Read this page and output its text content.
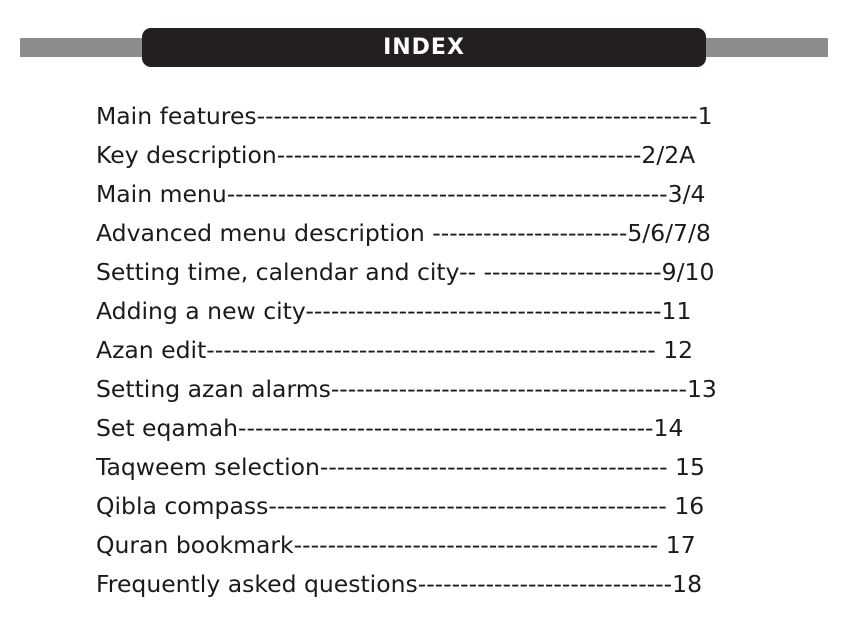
INDEX
Main features----------------------------------------------------1
Key description-------------------------------------------2/2A
Main menu----------------------------------------------------3/4
Advanced menu description -----------------------5/6/7/8
Setting time, calendar and city-- ---------------------9/10
Adding a new city------------------------------------------11
Azan edit----------------------------------------------------- 12
Setting azan alarms------------------------------------------13
Set eqamah-------------------------------------------------14
Taqweem selection----------------------------------------- 15
Qibla compass----------------------------------------------- 16
Quran bookmark------------------------------------------- 17
Frequently asked questions------------------------------18
